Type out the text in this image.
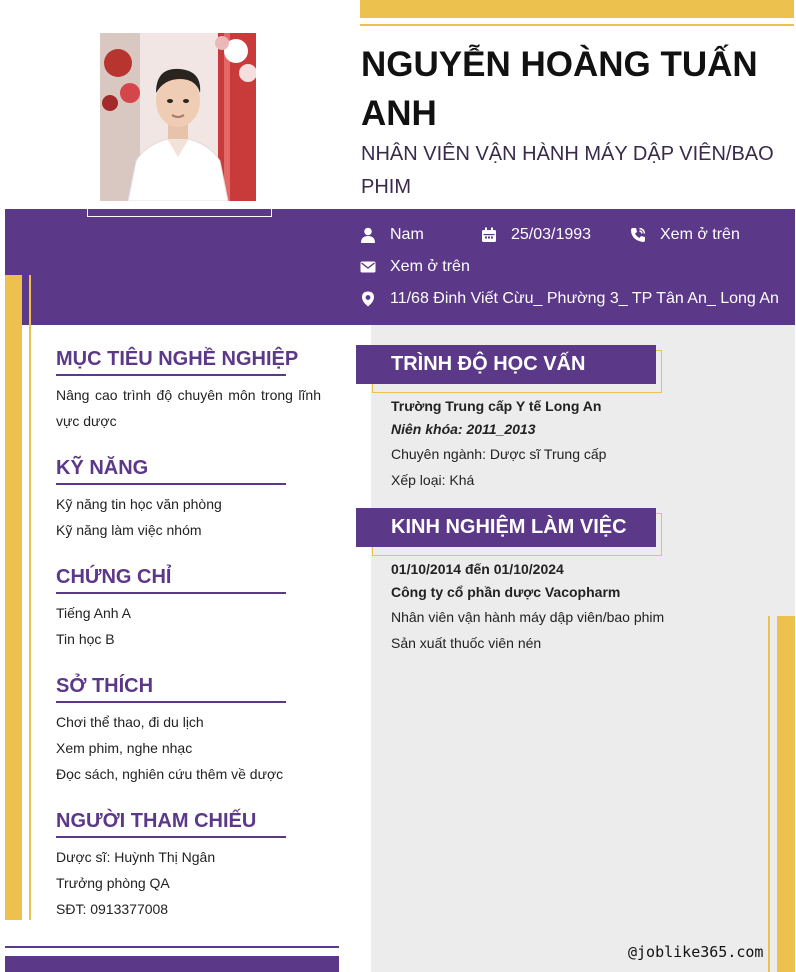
NGUYỄN HOÀNG TUẤN ANH
NHÂN VIÊN VẬN HÀNH MÁY DẬP VIÊN/BAO PHIM
Nam	25/03/1993	Xem ở trên
Xem ở trên
11/68 Đinh Viết Cừu_ Phường 3_ TP Tân An_ Long An
MỤC TIÊU NGHỀ NGHIỆP
Nâng cao trình độ chuyên môn trong lĩnh vực dược
KỸ NĂNG
Kỹ năng tin học văn phòng
Kỹ năng làm việc nhóm
CHỨNG CHỈ
Tiếng Anh A
Tin học B
SỞ THÍCH
Chơi thể thao, đi du lịch
Xem phim, nghe nhạc
Đọc sách, nghiên cứu thêm về dược
NGƯỜI THAM CHIẾU
Dược sĩ: Huỳnh Thị Ngân
Trưởng phòng QA
SĐT: 0913377008
TRÌNH ĐỘ HỌC VẤN
Trường Trung cấp Y tế Long An
Niên khóa: 2011_2013
Chuyên ngành: Dược sĩ Trung cấp
Xếp loại: Khá
KINH NGHIỆM LÀM VIỆC
01/10/2014 đến 01/10/2024
Công ty cổ phần dược Vacopharm
Nhân viên vận hành máy dập viên/bao phim
Sản xuất thuốc viên nén
@joblike365.com
